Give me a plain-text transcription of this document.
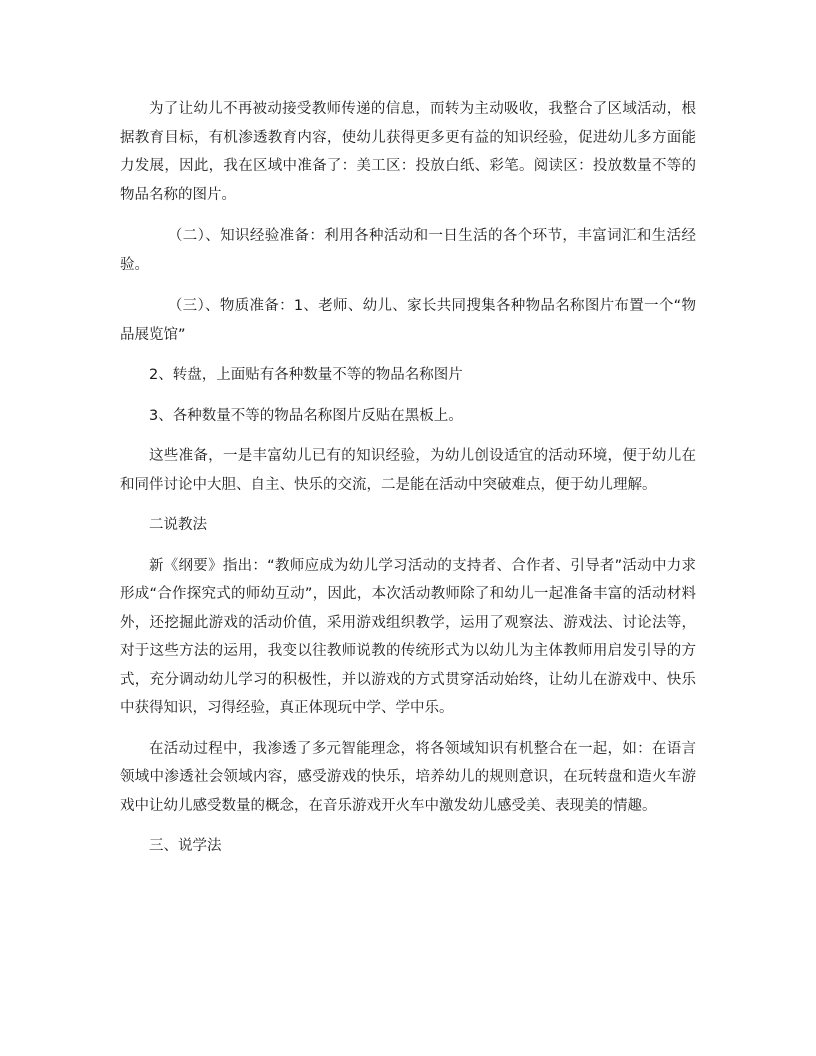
为了让幼儿不再被动接受教师传递的信息，而转为主动吸收，我整合了区域活动，根据教育目标，有机渗透教育内容，使幼儿获得更多更有益的知识经验，促进幼儿多方面能力发展，因此，我在区域中准备了：美工区：投放白纸、彩笔。阅读区：投放数量不等的物品名称的图片。

（二）、知识经验准备：利用各种活动和一日生活的各个环节，丰富词汇和生活经验。

（三）、物质准备：1、老师、幼儿、家长共同搜集各种物品名称图片布置一个“物品展览馆”

2、转盘，上面贴有各种数量不等的物品名称图片

3、各种数量不等的物品名称图片反贴在黑板上。

这些准备，一是丰富幼儿已有的知识经验，为幼儿创设适宜的活动环境，便于幼儿在和同伴讨论中大胆、自主、快乐的交流，二是能在活动中突破难点，便于幼儿理解。

二说教法

新《纲要》指出：“教师应成为幼儿学习活动的支持者、合作者、引导者”活动中力求形成“合作探究式的师幼互动”，因此，本次活动教师除了和幼儿一起准备丰富的活动材料外，还挖掘此游戏的活动价值，采用游戏组织教学，运用了观察法、游戏法、讨论法等，对于这些方法的运用，我变以往教师说教的传统形式为以幼儿为主体教师用启发引导的方式，充分调动幼儿学习的积极性，并以游戏的方式贯穿活动始终，让幼儿在游戏中、快乐中获得知识，习得经验，真正体现玩中学、学中乐。

在活动过程中，我渗透了多元智能理念，将各领域知识有机整合在一起，如：在语言领域中渗透社会领域内容，感受游戏的快乐，培养幼儿的规则意识，在玩转盘和造火车游戏中让幼儿感受数量的概念，在音乐游戏开火车中激发幼儿感受美、表现美的情趣。

三、说学法
